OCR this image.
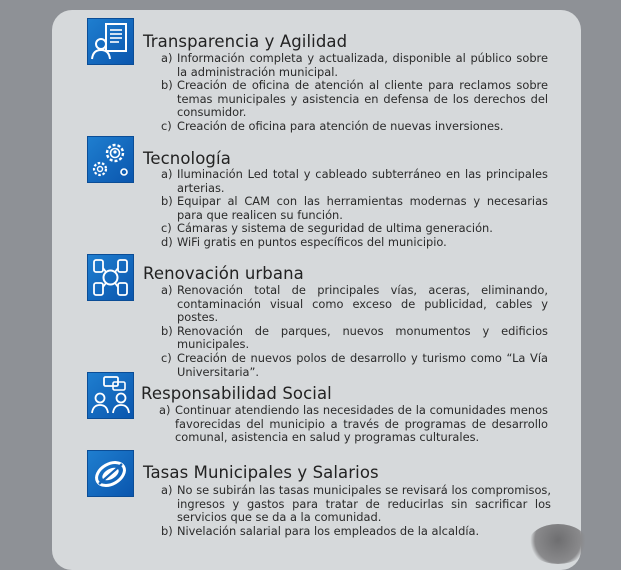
Transparencia y Agilidad
a) Información completa y actualizada, disponible al público sobre la administración municipal.
b) Creación de oficina de atención al cliente para reclamos sobre temas municipales y asistencia en defensa de los derechos del consumidor.
c) Creación de oficina para atención de nuevas inversiones.
Tecnología
a) Iluminación Led total y cableado subterráneo en las principales arterias.
b) Equipar al CAM con las herramientas modernas y necesarias para que realicen su función.
c) Cámaras y sistema de seguridad de ultima generación.
d) WiFi gratis en puntos específicos del municipio.
Renovación urbana
a) Renovación total de principales vías, aceras, eliminando, contaminación visual como exceso de publicidad, cables y postes.
b) Renovación de parques, nuevos monumentos y edificios municipales.
c) Creación de nuevos polos de desarrollo y turismo como “La Vía Universitaria”.
Responsabilidad Social
a) Continuar atendiendo las necesidades de la comunidades menos favorecidas del municipio a través de programas de desarrollo comunal, asistencia en salud y programas culturales.
Tasas Municipales y Salarios
a) No se subirán las tasas municipales se revisará los compromisos, ingresos y gastos para tratar de reducirlas sin sacrificar los servicios que se da a la comunidad.
b) Nivelación salarial para los empleados de la alcaldía.
